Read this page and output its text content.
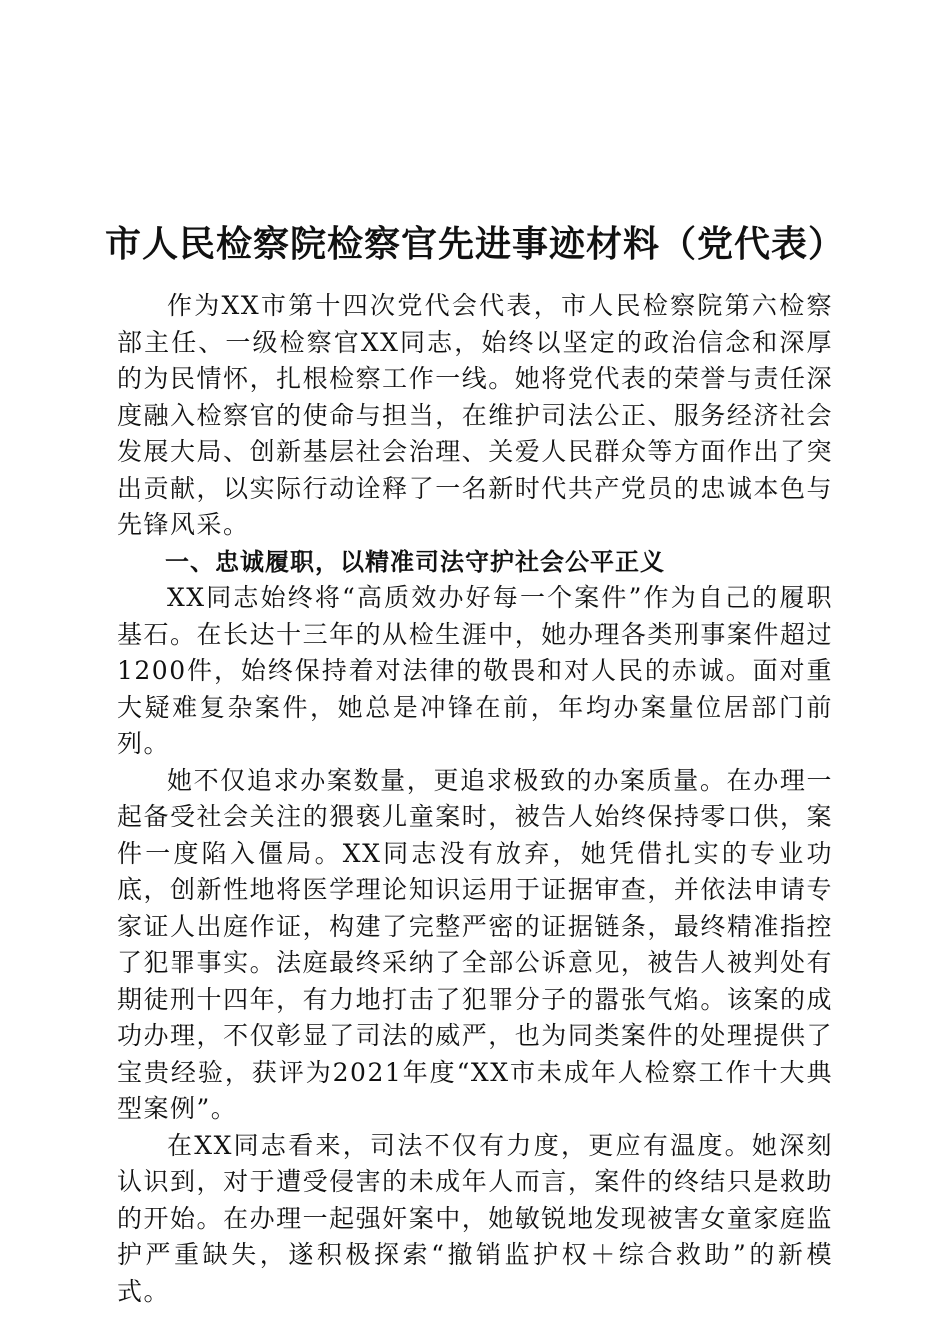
市人民检察院检察官先进事迹材料（党代表）

作为XX市第十四次党代会代表，市人民检察院第六检察部主任、一级检察官XX同志，始终以坚定的政治信念和深厚的为民情怀，扎根检察工作一线。她将党代表的荣誉与责任深度融入检察官的使命与担当，在维护司法公正、服务经济社会发展大局、创新基层社会治理、关爱人民群众等方面作出了突出贡献，以实际行动诠释了一名新时代共产党员的忠诚本色与先锋风采。

一、忠诚履职，以精准司法守护社会公平正义

XX同志始终将“高质效办好每一个案件”作为自己的履职基石。在长达十三年的从检生涯中，她办理各类刑事案件超过1200件，始终保持着对法律的敬畏和对人民的赤诚。面对重大疑难复杂案件，她总是冲锋在前，年均办案量位居部门前列。

她不仅追求办案数量，更追求极致的办案质量。在办理一起备受社会关注的猥亵儿童案时，被告人始终保持零口供，案件一度陷入僵局。XX同志没有放弃，她凭借扎实的专业功底，创新性地将医学理论知识运用于证据审查，并依法申请专家证人出庭作证，构建了完整严密的证据链条，最终精准指控了犯罪事实。法庭最终采纳了全部公诉意见，被告人被判处有期徒刑十四年，有力地打击了犯罪分子的嚣张气焰。该案的成功办理，不仅彰显了司法的威严，也为同类案件的处理提供了宝贵经验，获评为2021年度“XX市未成年人检察工作十大典型案例”。

在XX同志看来，司法不仅有力度，更应有温度。她深刻认识到，对于遭受侵害的未成年人而言，案件的终结只是救助的开始。在办理一起强奸案中，她敏锐地发现被害女童家庭监护严重缺失，遂积极探索“撤销监护权＋综合救助”的新模式。
